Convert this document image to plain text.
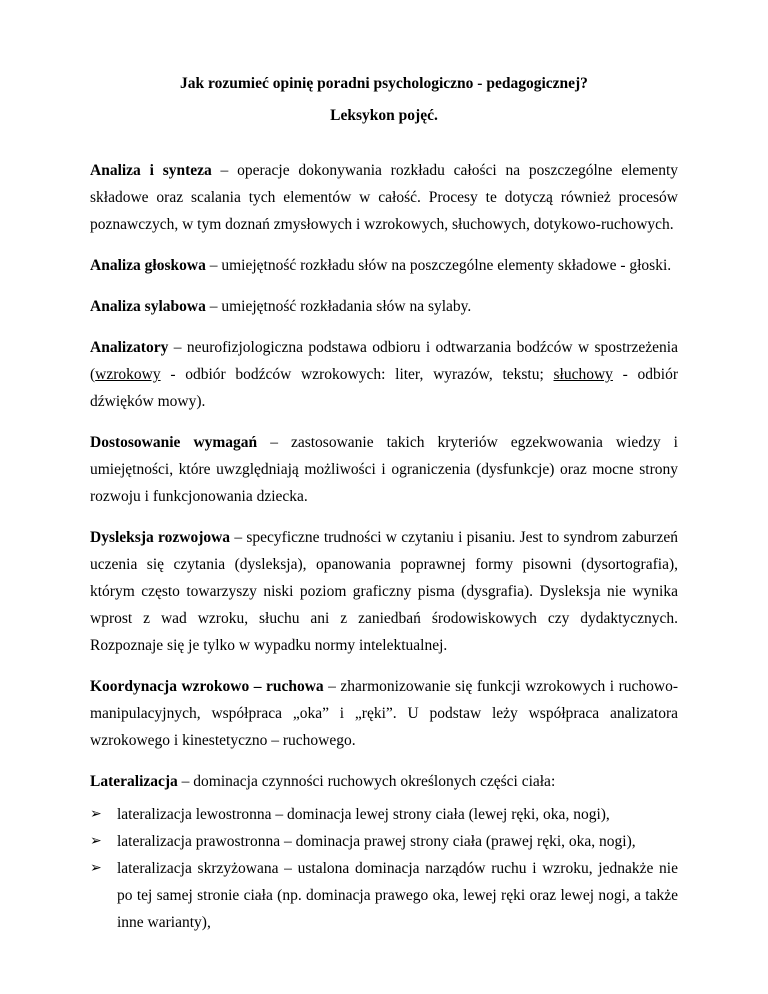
Jak rozumieć opinię poradni psychologiczno - pedagogicznej?

Leksykon pojęć.

Analiza i synteza – operacje dokonywania rozkładu całości na poszczególne elementy składowe oraz scalania tych elementów w całość. Procesy te dotyczą również procesów poznawczych, w tym doznań zmysłowych i wzrokowych, słuchowych, dotykowo-ruchowych.

Analiza głoskowa – umiejętność rozkładu słów na poszczególne elementy składowe - głoski.

Analiza sylabowa – umiejętność rozkładania słów na sylaby.

Analizatory – neurofizjologiczna podstawa odbioru i odtwarzania bodźców w spostrzeżenia (wzrokowy - odbiór bodźców wzrokowych: liter, wyrazów, tekstu; słuchowy - odbiór dźwięków mowy).

Dostosowanie wymagań – zastosowanie takich kryteriów egzekwowania wiedzy i umiejętności, które uwzględniają możliwości i ograniczenia (dysfunkcje) oraz mocne strony rozwoju i funkcjonowania dziecka.

Dysleksja rozwojowa – specyficzne trudności w czytaniu i pisaniu. Jest to syndrom zaburzeń uczenia się czytania (dysleksja), opanowania poprawnej formy pisowni (dysortografia), którym często towarzyszy niski poziom graficzny pisma (dysgrafia). Dysleksja nie wynika wprost z wad wzroku, słuchu ani z zaniedbań środowiskowych czy dydaktycznych. Rozpoznaje się je tylko w wypadku normy intelektualnej.

Koordynacja wzrokowo – ruchowa – zharmonizowanie się funkcji wzrokowych i ruchowo-manipulacyjnych, współpraca „oka” i „ręki”. U podstaw leży współpraca analizatora wzrokowego i kinestetyczno – ruchowego.

Lateralizacja – dominacja czynności ruchowych określonych części ciała:

➢ lateralizacja lewostronna – dominacja lewej strony ciała (lewej ręki, oka, nogi),
➢ lateralizacja prawostronna – dominacja prawej strony ciała (prawej ręki, oka, nogi),
➢ lateralizacja skrzyżowana – ustalona dominacja narządów ruchu i wzroku, jednakże nie po tej samej stronie ciała (np. dominacja prawego oka, lewej ręki oraz lewej nogi, a także inne warianty),
